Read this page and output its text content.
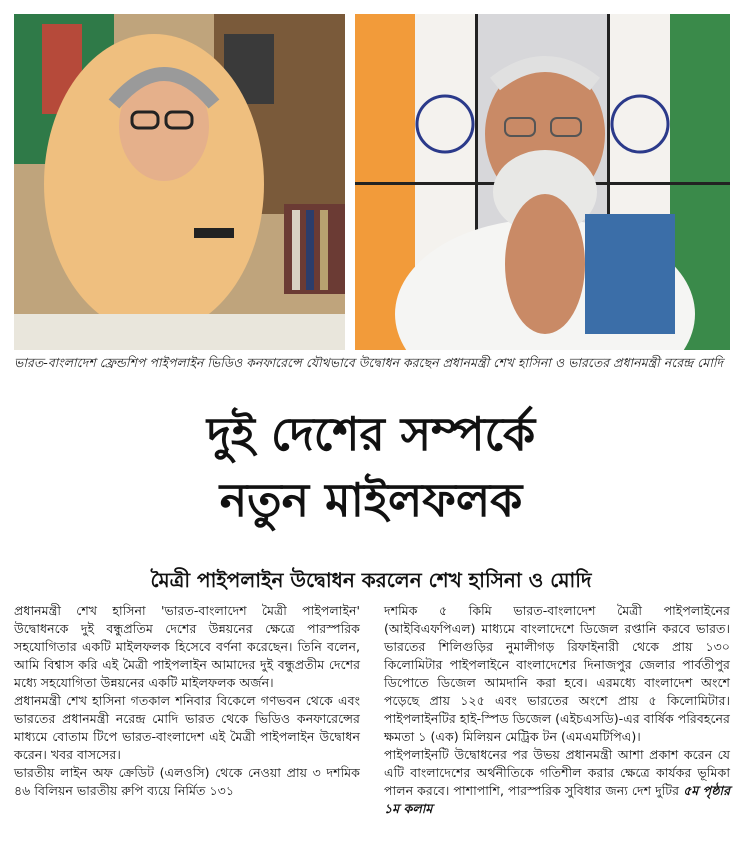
ভারত-বাংলাদেশ ফ্রেন্ডশিপ পাইপলাইন ভিডিও কনফারেন্সে যৌথভাবে উদ্বোধন করছেন প্রধানমন্ত্রী শেখ হাসিনা ও ভারতের প্রধানমন্ত্রী নরেন্দ্র মোদি
দুই দেশের সম্পর্কে
নতুন মাইলফলক
মৈত্রী পাইপলাইন উদ্বোধন করলেন শেখ হাসিনা ও মোদি

প্রধানমন্ত্রী শেখ হাসিনা 'ভারত-বাংলাদেশ মৈত্রী পাইপলাইন' উদ্বোধনকে দুই বন্ধুপ্রতিম দেশের উন্নয়নের ক্ষেত্রে পারস্পরিক সহযোগিতার একটি মাইলফলক হিসেবে বর্ণনা করেছেন। তিনি বলেন, আমি বিশ্বাস করি এই মৈত্রী পাইপলাইন আমাদের দুই বন্ধুপ্রতীম দেশের মধ্যে সহযোগিতা উন্নয়নের একটি মাইলফলক অর্জন।

প্রধানমন্ত্রী শেখ হাসিনা গতকাল শনিবার বিকেলে গণভবন থেকে এবং ভারতের প্রধানমন্ত্রী নরেন্দ্র মোদি ভারত থেকে ভিডিও কনফারেন্সের মাধ্যমে বোতাম টিপে ভারত-বাংলাদেশ এই মৈত্রী পাইপলাইন উদ্বোধন করেন। খবর বাসসের।

ভারতীয় লাইন অফ ক্রেডিট (এলওসি) থেকে নেওয়া প্রায় ৩ দশমিক ৪৬ বিলিয়ন ভারতীয় রুপি ব্যয়ে নির্মিত ১৩১

দশমিক ৫ কিমি ভারত-বাংলাদেশ মৈত্রী পাইপলাইনের (আইবিএফপিএল) মাধ্যমে বাংলাদেশে ডিজেল রপ্তানি করবে ভারত। ভারতের শিলিগুড়ির নুমালীগড় রিফাইনারী থেকে প্রায় ১৩০ কিলোমিটার পাইপলাইনে বাংলাদেশের দিনাজপুর জেলার পার্বতীপুর ডিপোতে ডিজেল আমদানি করা হবে। এরমধ্যে বাংলাদেশ অংশে পড়েছে প্রায় ১২৫ এবং ভারতের অংশে প্রায় ৫ কিলোমিটার। পাইপলাইনটির হাই-স্পিড ডিজেল (এইচএসডি)-এর বার্ষিক পরিবহনের ক্ষমতা ১ (এক) মিলিয়ন মেট্রিক টন (এমএমটিপিএ)।

পাইপলাইনটি উদ্বোধনের পর উভয় প্রধানমন্ত্রী আশা প্রকাশ করেন যে এটি বাংলাদেশের অর্থনীতিকে গতিশীল করার ক্ষেত্রে কার্যকর ভূমিকা পালন করবে। পাশাপাশি, পারস্পরিক সুবিধার জন্য দেশ দুটির ৫ম পৃষ্ঠার ১ম কলাম
